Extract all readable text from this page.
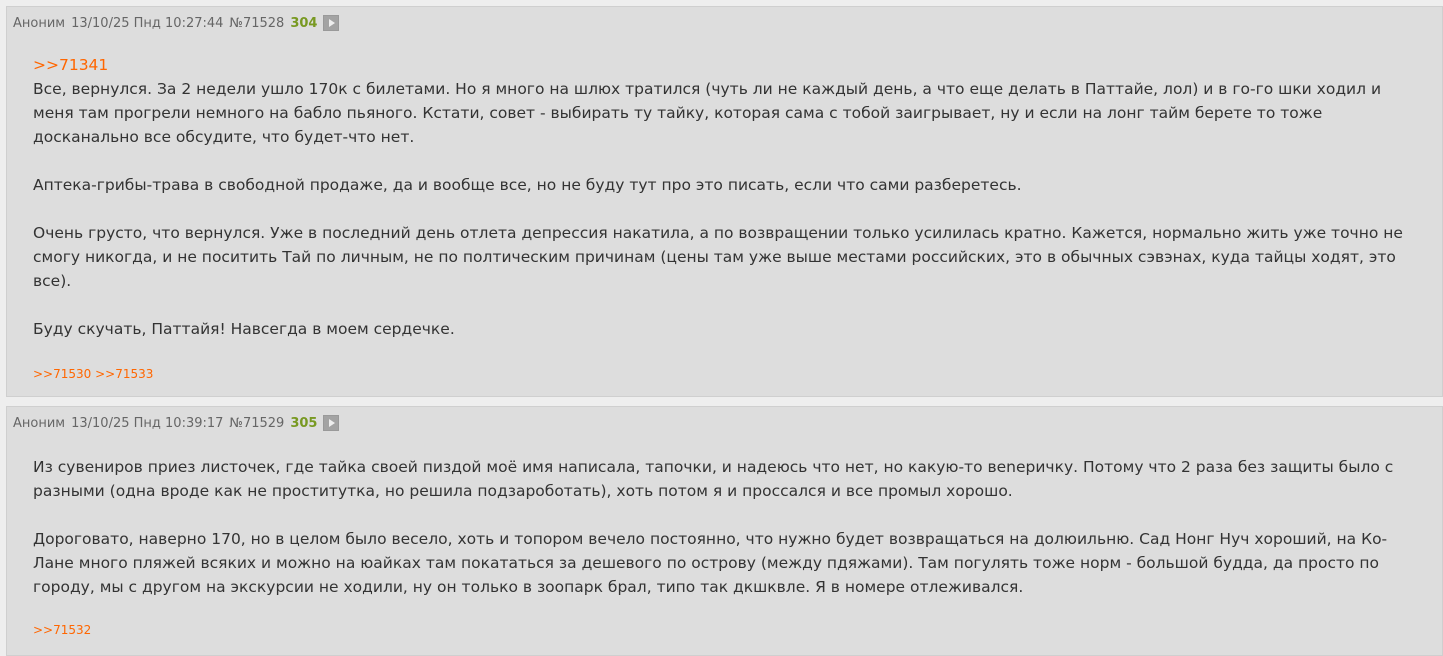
Аноним 13/10/25 Пнд 10:27:44 №71528 304
>>71341

Все, вернулся. За 2 недели ушло 170к с билетами. Но я много на шлюх тратился (чуть ли не каждый день, а что еще делать в Паттайе, лол) и в го-го шки ходил и меня там прогрели немного на бабло пьяного. Кстати, совет - выбирать ту тайку, которая сама с тобой заигрывает, ну и если на лонг тайм берете то тоже досканально все обсудите, что будет-что нет.

Аптека-грибы-трава в свободной продаже, да и вообще все, но не буду тут про это писать, если что сами разберетесь.

Очень грусто, что вернулся. Уже в последний день отлета депрессия накатила, а по возвращении только усилилась кратно. Кажется, нормально жить уже точно не смогу никогда, и не поситить Тай по личным, не по полтическим причинам (цены там уже выше местами российских, это в обычных сэвэнах, куда тайцы ходят, это все).

Буду скучать, Паттайя! Навсегда в моем сердечке.

>>71530 >>71533
Аноним 13/10/25 Пнд 10:39:17 №71529 305

Из сувениров приез листочек, где тайка своей пиздой моё имя написала, тапочки, и надеюсь что нет, но какую-то веneричку. Потому что 2 раза без защиты было с разными (одна вроде как не проститутка, но решила подзароботать), хоть потом я и проссался и все промыл хорошо.

Дороговато, наверно 170, но в целом было весело, хоть и топором вечело постоянно, что нужно будет возвращаться на долюильню. Сад Нонг Нуч хороший, на Ко-Лане много пляжей всяких и можно на юайках там покататься за дешевого по острову (между пдяжами). Там погулять тоже норм - большой будда, да просто по городу, мы с другом на экскурсии не ходили, ну он только в зоопарк брал, типо так дкшквле. Я в номере отлеживался.

>>71532
